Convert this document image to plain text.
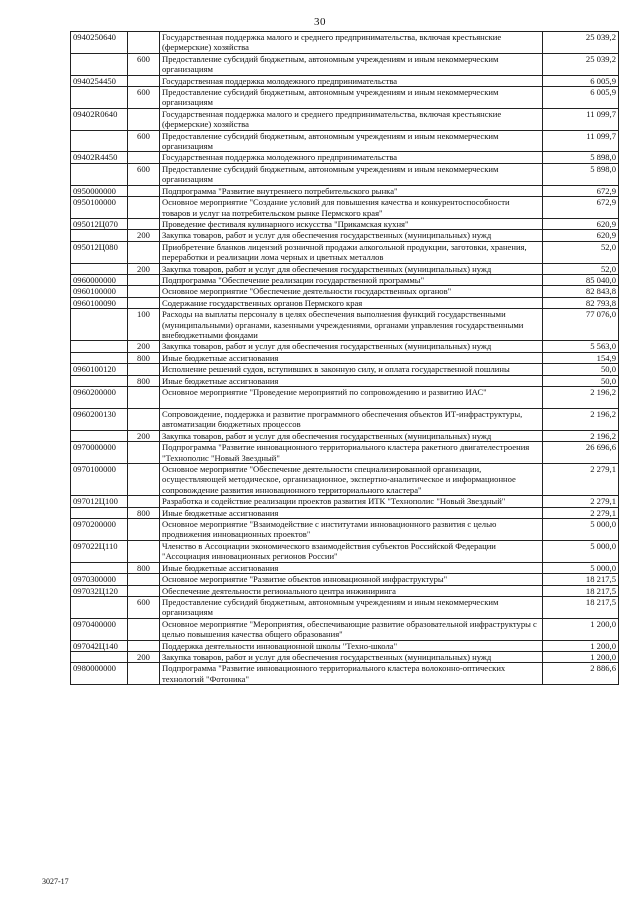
30
0940250640		Государственная поддержка малого и среднего предпринимательства, включая крестьянские (фермерские) хозяйства	25 039,2
	600	Предоставление субсидий бюджетным, автономным учреждениям и иным некоммерческим организациям	25 039,2
0940254450		Государственная поддержка молодежного предпринимательства	6 005,9
	600	Предоставление субсидий бюджетным, автономным учреждениям и иным некоммерческим организациям	6 005,9
09402R0640		Государственная поддержка малого и среднего предпринимательства, включая крестьянские (фермерские) хозяйства	11 099,7
	600	Предоставление субсидий бюджетным, автономным учреждениям и иным некоммерческим организациям	11 099,7
09402R4450		Государственная поддержка молодежного предпринимательства	5 898,0
	600	Предоставление субсидий бюджетным, автономным учреждениям и иным некоммерческим организациям	5 898,0
0950000000		Подпрограмма "Развитие внутреннего потребительского рынка"	672,9
0950100000		Основное мероприятие "Создание условий для повышения качества и конкурентоспособности товаров и услуг на потребительском рынке Пермского края"	672,9
095012Ц070		Проведение фестиваля кулинарного искусства "Прикамская кухня"	620,9
	200	Закупка товаров, работ и услуг для обеспечения государственных (муниципальных) нужд	620,9
095012Ц080		Приобретение бланков лицензий розничной продажи алкогольной продукции, заготовки, хранения, переработки и реализации лома черных и цветных металлов	52,0
	200	Закупка товаров, работ и услуг для обеспечения государственных (муниципальных) нужд	52,0
0960000000		Подпрограмма "Обеспечение реализации государственной программы"	85 040,0
0960100000		Основное мероприятие "Обеспечение деятельности государственных органов"	82 843,8
0960100090		Содержание государственных органов Пермского края	82 793,8
	100	Расходы на выплаты персоналу в целях обеспечения выполнения функций государственными (муниципальными) органами, казенными учреждениями, органами управления государственными внебюджетными фондами	77 076,0
	200	Закупка товаров, работ и услуг для обеспечения государственных (муниципальных) нужд	5 563,0
	800	Иные бюджетные ассигнования	154,9
0960100120		Исполнение решений судов, вступивших в законную силу, и оплата государственной пошлины	50,0
	800	Иные бюджетные ассигнования	50,0
0960200000		Основное мероприятие "Проведение мероприятий по сопровождению и развитию ИАС"	2 196,2
0960200130		Сопровождение, поддержка и развитие программного обеспечения объектов ИТ-инфраструктуры, автоматизации бюджетных процессов	2 196,2
	200	Закупка товаров, работ и услуг для обеспечения государственных (муниципальных) нужд	2 196,2
0970000000		Подпрограмма "Развитие инновационного территориального кластера ракетного двигателестроения "Технополис "Новый Звездный"	26 696,6
0970100000		Основное мероприятие "Обеспечение деятельности специализированной организации, осуществляющей методическое, организационное, экспертно-аналитическое и информационное сопровождение развития инновационного территориального кластера"	2 279,1
097012Ц100		Разработка и содействие реализации проектов развития ИТК "Технополис "Новый Звездный"	2 279,1
	800	Иные бюджетные ассигнования	2 279,1
0970200000		Основное мероприятие "Взаимодействие с институтами инновационного развития с целью продвижения инновационных проектов"	5 000,0
097022Ц110		Членство в Ассоциации экономического взаимодействия субъектов Российской Федерации "Ассоциация инновационных регионов России"	5 000,0
	800	Иные бюджетные ассигнования	5 000,0
0970300000		Основное мероприятие "Развитие объектов инновационной инфраструктуры"	18 217,5
097032Ц120		Обеспечение деятельности регионального центра инжиниринга	18 217,5
	600	Предоставление субсидий бюджетным, автономным учреждениям и иным некоммерческим организациям	18 217,5
0970400000		Основное мероприятие "Мероприятия, обеспечивающие развитие образовательной инфраструктуры с целью повышения качества общего образования"	1 200,0
097042Ц140		Поддержка деятельности инновационной школы "Техно-школа"	1 200,0
	200	Закупка товаров, работ и услуг для обеспечения государственных (муниципальных) нужд	1 200,0
0980000000		Подпрограмма "Развитие инновационного территориального кластера волоконно-оптических технологий "Фотоника"	2 886,6
3027-17
